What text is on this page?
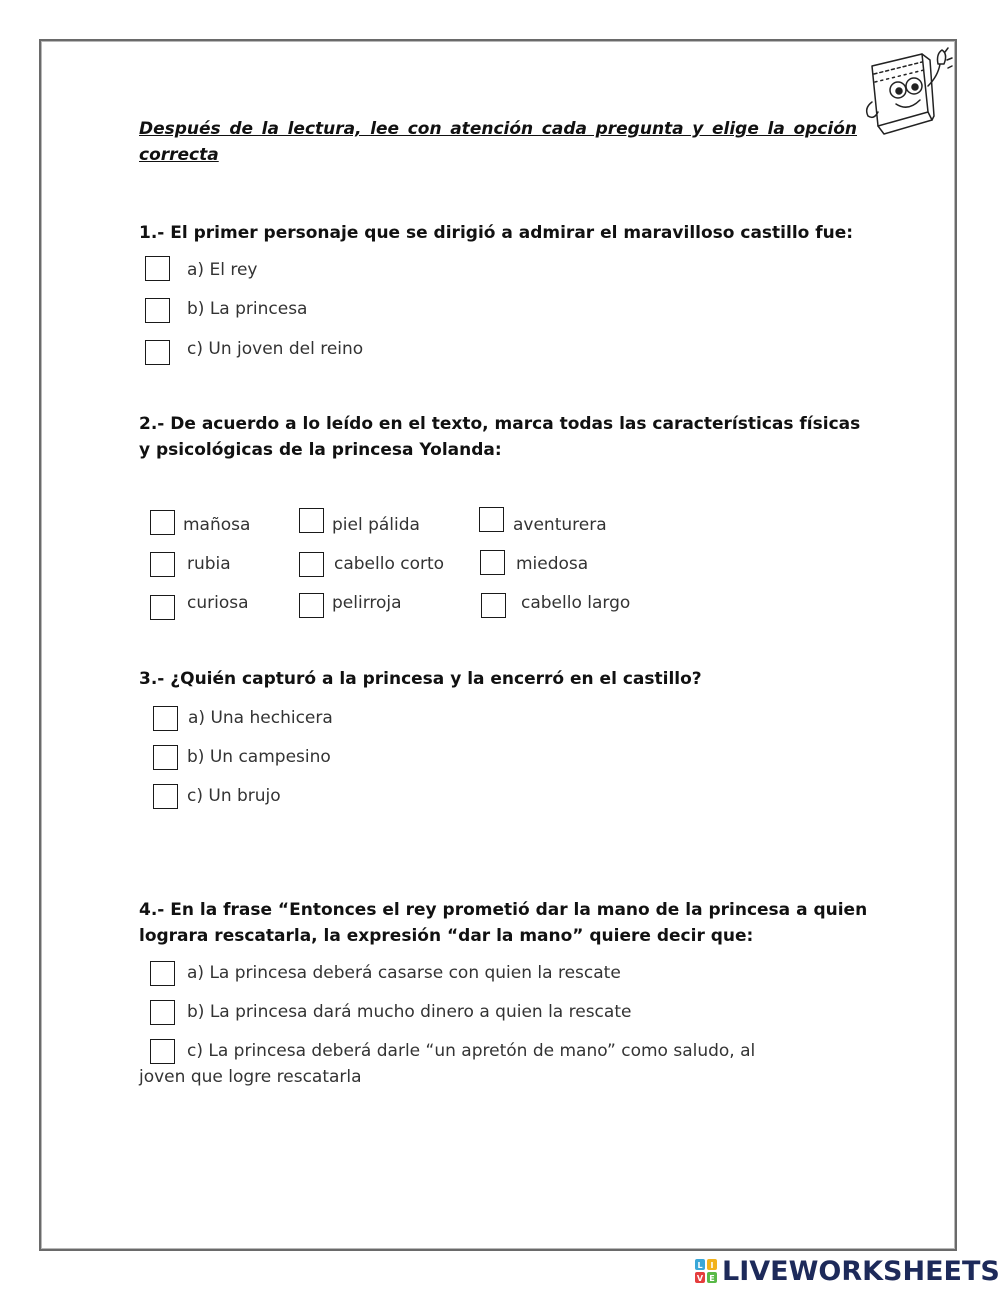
Después de la lectura, lee con atención cada pregunta y elige la opción correcta
1.- El primer personaje que se dirigió a admirar el maravilloso castillo fue:
a) El rey
b) La princesa
c) Un joven del reino
2.- De acuerdo a lo leído en el texto, marca todas las características físicas
y psicológicas de la princesa Yolanda:
mañosa	piel pálida	aventurera
rubia	cabello corto	miedosa
curiosa	pelirroja	cabello largo
3.- ¿Quién capturó a la princesa y la encerró en el castillo?
a) Una hechicera
b) Un campesino
c) Un brujo
4.- En la frase “Entonces el rey prometió dar la mano de la princesa a quien
lograra rescatarla, la expresión “dar la mano” quiere decir que:
a) La princesa deberá casarse con quien la rescate
b) La princesa dará mucho dinero a quien la rescate
c) La princesa deberá darle “un apretón de mano” como saludo, al
joven que logre rescatarla
L I
V E LIVEWORKSHEETS
